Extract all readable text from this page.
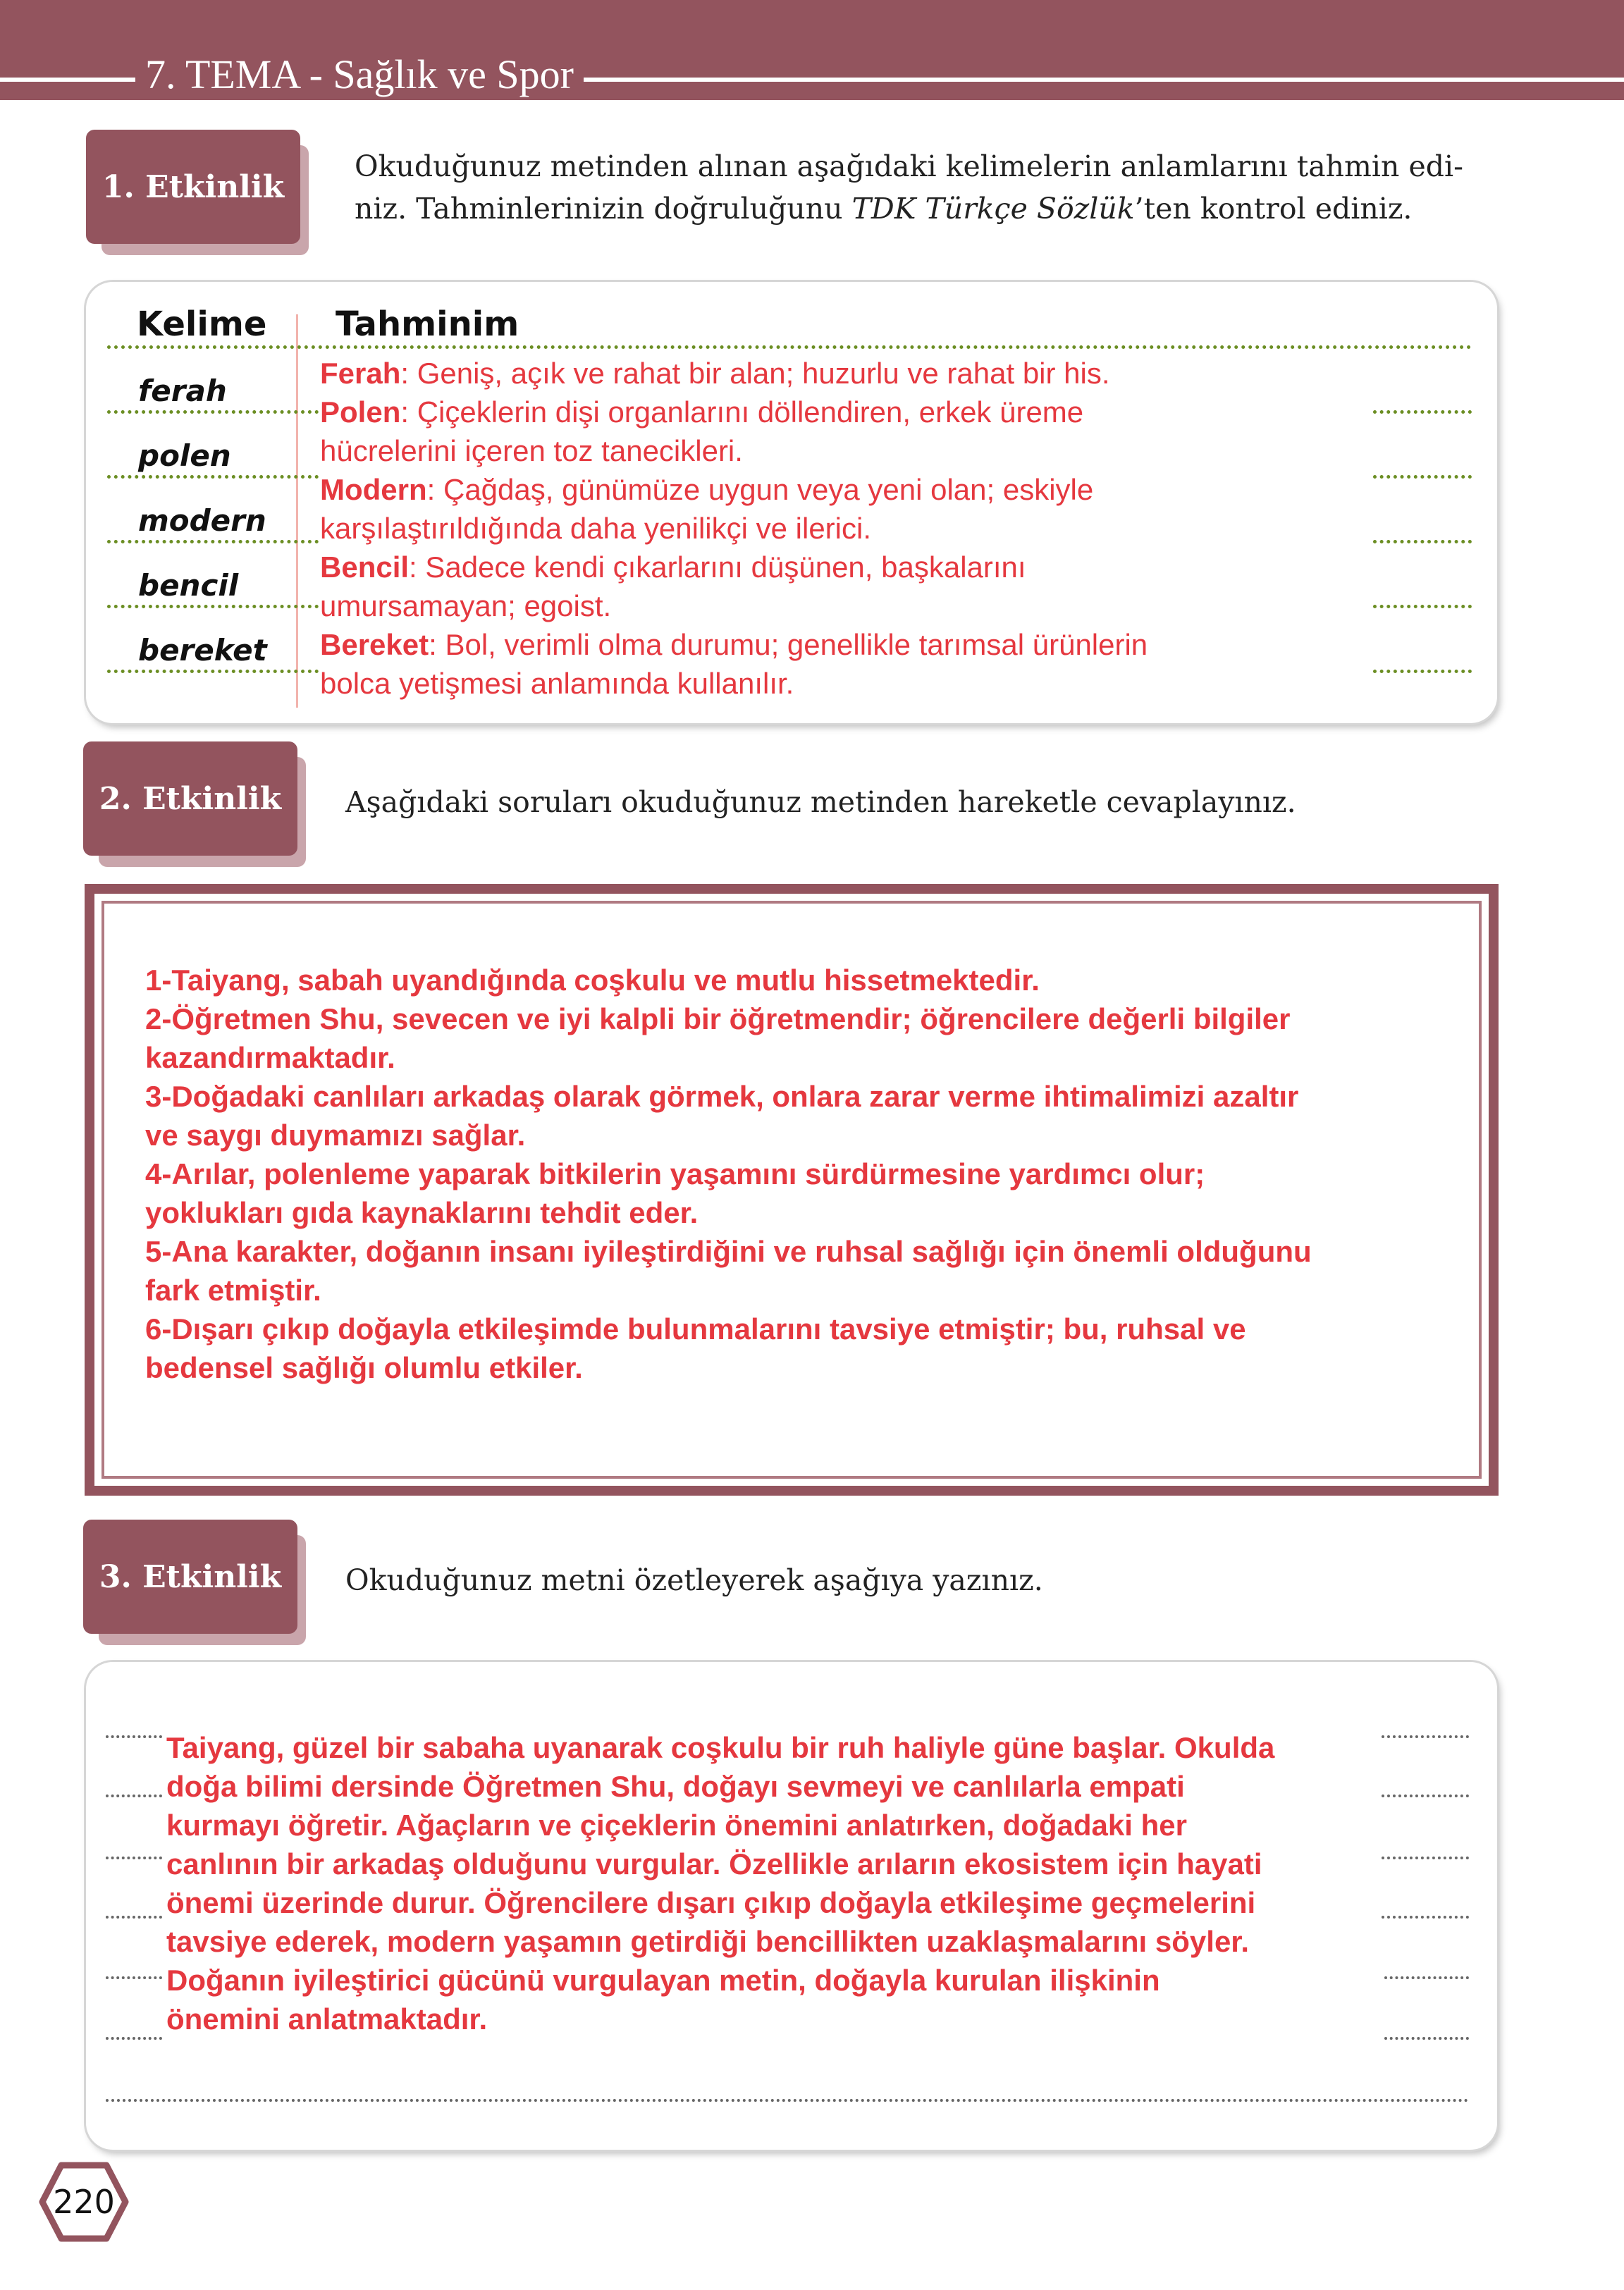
7. TEMA - Sağlık ve Spor
1. Etkinlik
Okuduğunuz metinden alınan aşağıdaki kelimelerin anlamlarını tahmin edi-
niz. Tahminlerinizin doğruluğunu TDK Türkçe Sözlük’ten kontrol ediniz.
Kelime Tahminim
ferah
polen
modern
bencil
bereket
Ferah: Geniş, açık ve rahat bir alan; huzurlu ve rahat bir his.
Polen: Çiçeklerin dişi organlarını döllendiren, erkek üreme
hücrelerini içeren toz tanecikleri.
Modern: Çağdaş, günümüze uygun veya yeni olan; eskiyle
karşılaştırıldığında daha yenilikçi ve ilerici.
Bencil: Sadece kendi çıkarlarını düşünen, başkalarını
umursamayan; egoist.
Bereket: Bol, verimli olma durumu; genellikle tarımsal ürünlerin
bolca yetişmesi anlamında kullanılır.
2. Etkinlik	Aşağıdaki soruları okuduğunuz metinden hareketle cevaplayınız.
1-Taiyang, sabah uyandığında coşkulu ve mutlu hissetmektedir.
2-Öğretmen Shu, sevecen ve iyi kalpli bir öğretmendir; öğrencilere değerli bilgiler
kazandırmaktadır.
3-Doğadaki canlıları arkadaş olarak görmek, onlara zarar verme ihtimalimizi azaltır
ve saygı duymamızı sağlar.
4-Arılar, polenleme yaparak bitkilerin yaşamını sürdürmesine yardımcı olur;
yoklukları gıda kaynaklarını tehdit eder.
5-Ana karakter, doğanın insanı iyileştirdiğini ve ruhsal sağlığı için önemli olduğunu
fark etmiştir.
6-Dışarı çıkıp doğayla etkileşimde bulunmalarını tavsiye etmiştir; bu, ruhsal ve
bedensel sağlığı olumlu etkiler.
3. Etkinlik	Okuduğunuz metni özetleyerek aşağıya yazınız.
Taiyang, güzel bir sabaha uyanarak coşkulu bir ruh haliyle güne başlar. Okulda
doğa bilimi dersinde Öğretmen Shu, doğayı sevmeyi ve canlılarla empati
kurmayı öğretir. Ağaçların ve çiçeklerin önemini anlatırken, doğadaki her
canlının bir arkadaş olduğunu vurgular. Özellikle arıların ekosistem için hayati
önemi üzerinde durur. Öğrencilere dışarı çıkıp doğayla etkileşime geçmelerini
tavsiye ederek, modern yaşamın getirdiği bencillikten uzaklaşmalarını söyler.
Doğanın iyileştirici gücünü vurgulayan metin, doğayla kurulan ilişkinin
önemini anlatmaktadır.
220
